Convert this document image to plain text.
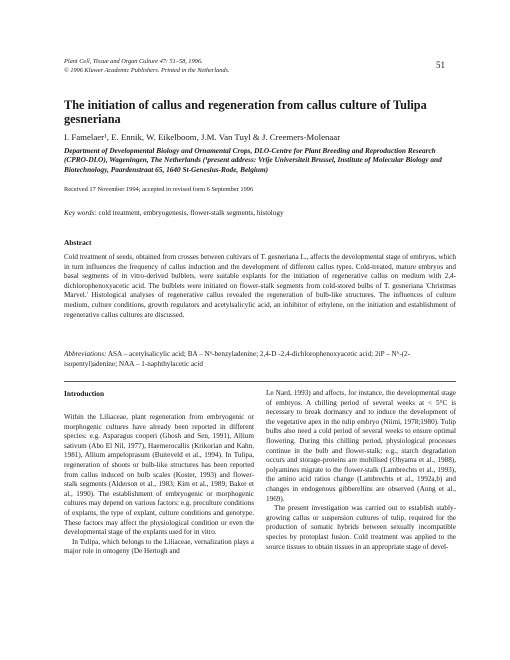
Plant Cell, Tissue and Organ Culture 47: 51–58, 1996.
© 1996 Kluwer Academic Publishers. Printed in the Netherlands.	51
The initiation of callus and regeneration from callus culture of Tulipa gesneriana
I. Famelaer¹, E. Ennik, W. Eikelboom, J.M. Van Tuyl & J. Creemers-Molenaar
Department of Developmental Biology and Ornamental Crops, DLO-Centre for Plant Breeding and Reproduction Research (CPRO-DLO), Wageningen, The Netherlands (¹present address: Vrije Universiteit Brussel, Institute of Molecular Biology and Biotechnology, Paardenstraat 65, 1640 St-Genesius-Rode, Belgium)
Received 17 November 1994; accepted in revised form 6 September 1996
Key words: cold treatment, embryogenesis, flower-stalk segments, histology
Abstract
Cold treatment of seeds, obtained from crosses between cultivars of T. gesneriana L., affects the developmental stage of embryos, which in turn influences the frequency of callus induction and the development of different callus types. Cold-treated, mature embryos and basal segments of in vitro-derived bulblets, were suitable explants for the initiation of regenerative callus on medium with 2,4-dichlorophenoxyacetic acid. The bulblets were initiated on flower-stalk segments from cold-stored bulbs of T. gesneriana 'Christmas Marvel.' Histological analyses of regenerative callus revealed the regeneration of bulb-like structures. The influences of culture medium, culture conditions, growth regulators and acetylsalicylic acid, an inhibitor of ethylene, on the initiation and establishment of regenerative callus cultures are discussed.
Abbreviations: ASA – acetylsalicylic acid; BA – N⁶-benzyladenine; 2,4-D -2,4-dichlorophenoxyacetic acid; 2iP – N⁶-(2-isopentyl)adenine; NAA – 1-naphthylacetic acid
Introduction

Within the Liliaceae, plant regeneration from embryogenic or morphogenic cultures have already been reported in different species: e.g. Asparagus cooperi (Ghosh and Sen, 1991), Allium sativum (Abo El Nil, 1977), Haemerocallis (Krikorian and Kahn, 1981), Allium ampeloprasum (Buiteveld et al., 1994). In Tulipa, regeneration of shoots or bulb-like structures has been reported from callus induced on bulb scales (Koster, 1993) and flower-stalk segments (Alderson et al., 1983; Kim et al., 1989; Baker et al., 1990). The establishment of embryogenic or morphogenic cultures may depend on various factors: e.g. preculture conditions of explants, the type of explant, culture conditions and genotype. These factors may affect the physiological condition or even the developmental stage of the explants used for in vitro.

In Tulipa, which belongs to the Liliaceae, vernalization plays a major role in ontogeny (De Hertogh and

Le Nard, 1993) and affects, for instance, the developmental stage of embryos. A chilling period of several weeks at < 5°C is necessary to break dormancy and to induce the development of the vegetative apex in the tulip embryo (Niimi, 1978;1980). Tulip bulbs also need a cold period of several weeks to ensure optimal flowering. During this chilling period, physiological processes continue in the bulb and flower-stalk; e.g., starch degradation occurs and storage-proteins are mobilised (Ohyama et al., 1988), polyamines migrate to the flower-stalk (Lambrechts et al., 1993), the amino acid ratios change (Lambrechts et al., 1992a,b) and changes in endogenous gibberellins are observed (Aung et al., 1969).

The present investigation was carried out to establish stably-growing callus or suspension cultures of tulip, required for the production of somatic hybrids between sexually incompatible species by protoplast fusion. Cold treatment was applied to the source tissues to obtain tissues in an appropriate stage of devel-
